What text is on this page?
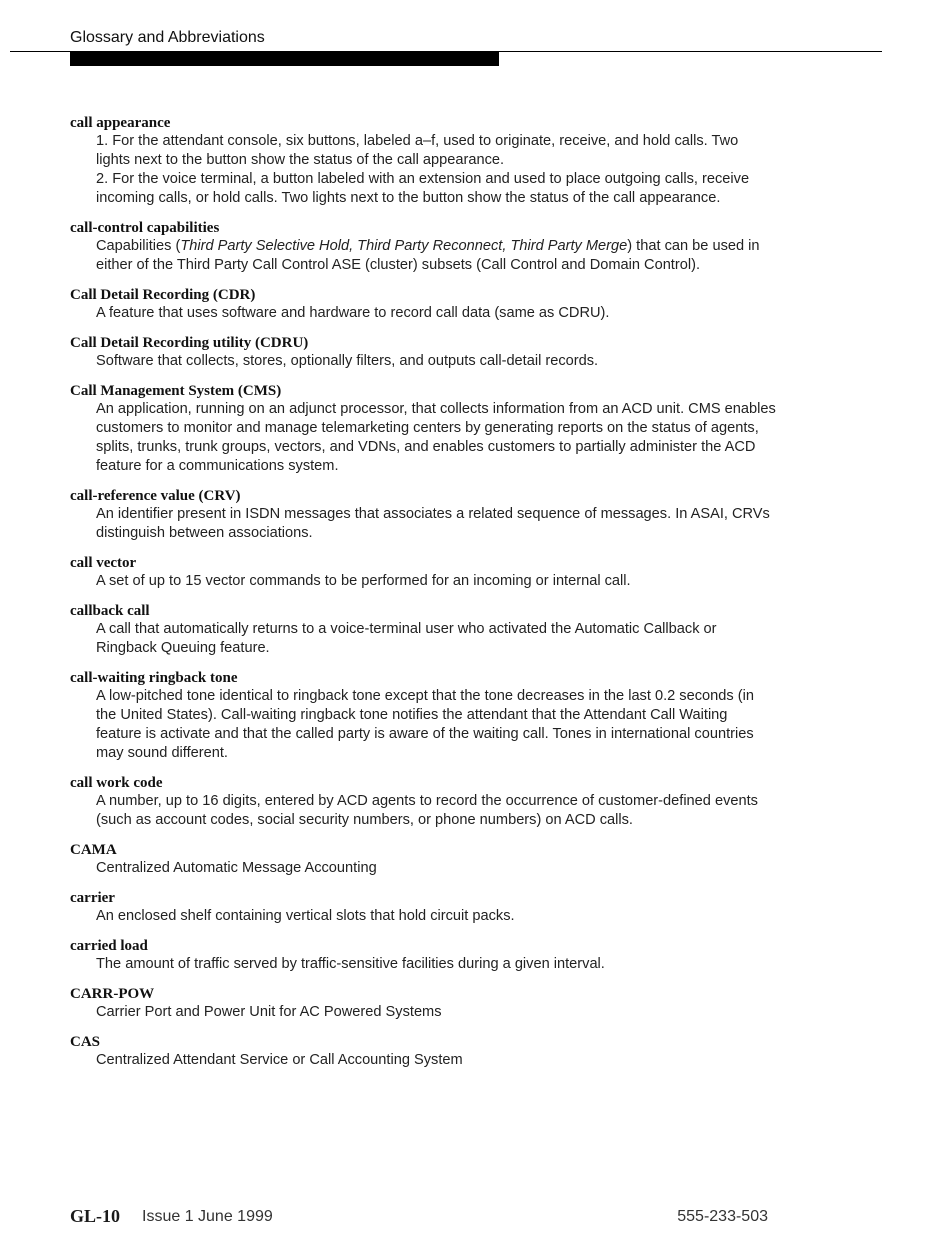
Glossary and Abbreviations
call appearance

1. For the attendant console, six buttons, labeled a–f, used to originate, receive, and hold calls. Two lights next to the button show the status of the call appearance.

2. For the voice terminal, a button labeled with an extension and used to place outgoing calls, receive incoming calls, or hold calls. Two lights next to the button show the status of the call appearance.

call-control capabilities
Capabilities (Third Party Selective Hold, Third Party Reconnect, Third Party Merge) that can be used in either of the Third Party Call Control ASE (cluster) subsets (Call Control and Domain Control).
Call Detail Recording (CDR)
A feature that uses software and hardware to record call data (same as CDRU).
Call Detail Recording utility (CDRU)
Software that collects, stores, optionally filters, and outputs call-detail records.
Call Management System (CMS)
An application, running on an adjunct processor, that collects information from an ACD unit. CMS enables customers to monitor and manage telemarketing centers by generating reports on the status of agents, splits, trunks, trunk groups, vectors, and VDNs, and enables customers to partially administer the ACD feature for a communications system.
call-reference value (CRV)
An identifier present in ISDN messages that associates a related sequence of messages. In ASAI, CRVs distinguish between associations.
call vector
A set of up to 15 vector commands to be performed for an incoming or internal call.
callback call
A call that automatically returns to a voice-terminal user who activated the Automatic Callback or Ringback Queuing feature.
call-waiting ringback tone
A low-pitched tone identical to ringback tone except that the tone decreases in the last 0.2 seconds (in the United States). Call-waiting ringback tone notifies the attendant that the Attendant Call Waiting feature is activate and that the called party is aware of the waiting call. Tones in international countries may sound different.
call work code
A number, up to 16 digits, entered by ACD agents to record the occurrence of customer-defined events (such as account codes, social security numbers, or phone numbers) on ACD calls.
CAMA
Centralized Automatic Message Accounting
carrier
An enclosed shelf containing vertical slots that hold circuit packs.
carried load
The amount of traffic served by traffic-sensitive facilities during a given interval.
CARR-POW
Carrier Port and Power Unit for AC Powered Systems
CAS
Centralized Attendant Service or Call Accounting System
GL-10 Issue 1 June 1999	555-233-503
